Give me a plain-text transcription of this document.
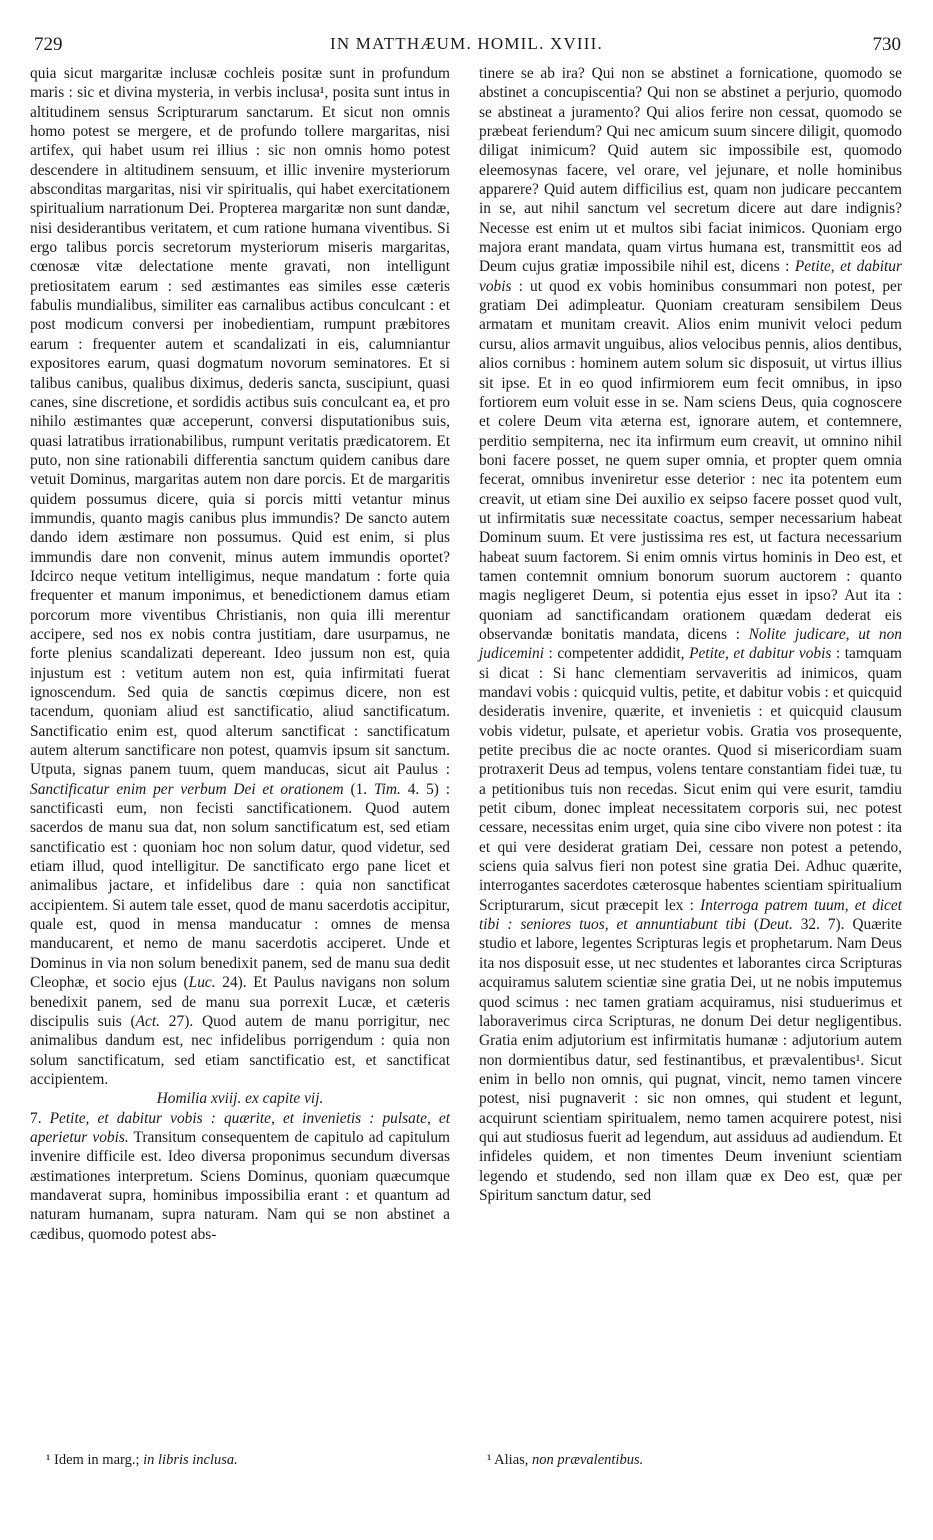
729	IN MATTHÆUM. HOMIL. XVIII.	730

quia sicut margaritæ inclusæ cochleis positæ sunt in profundum maris : sic et divina mysteria, in verbis inclusa¹, posita sunt intus in altitudinem sensus Scripturarum sanctarum. Et sicut non omnis homo potest se mergere, et de profundo tollere margaritas, nisi artifex, qui habet usum rei illius : sic non omnis homo potest descendere in altitudinem sensuum, et illic invenire mysteriorum absconditas margaritas, nisi vir spiritualis, qui habet exercitationem spiritualium narrationum Dei. Propterea margaritæ non sunt dandæ, nisi desiderantibus veritatem, et cum ratione humana viventibus. Si ergo talibus porcis secretorum mysteriorum miseris margaritas, cœnosæ vitæ delectatione mente gravati, non intelligunt pretiositatem earum : sed æstimantes eas similes esse cæteris fabulis mundialibus, similiter eas carnalibus actibus conculcant : et post modicum conversi per inobedientiam, rumpunt præbitores earum : frequenter autem et scandalizati in eis, calumniantur expositores earum, quasi dogmatum novorum seminatores. Et si talibus canibus, qualibus diximus, dederis sancta, suscipiunt, quasi canes, sine discretione, et sordidis actibus suis conculcant ea, et pro nihilo æstimantes quæ acceperunt, conversi disputationibus suis, quasi latratibus irrationabilibus, rumpunt veritatis prædicatorem. Et puto, non sine rationabili differentia sanctum quidem canibus dare vetuit Dominus, margaritas autem non dare porcis. Et de margaritis quidem possumus dicere, quia si porcis mitti vetantur minus immundis, quanto magis canibus plus immundis? De sancto autem dando idem æstimare non possumus. Quid est enim, si plus immundis dare non convenit, minus autem immundis oportet? Idcirco neque vetitum intelligimus, neque mandatum : forte quia frequenter et manum imponimus, et benedictionem damus etiam porcorum more viventibus Christianis, non quia illi merentur accipere, sed nos ex nobis contra justitiam, dare usurpamus, ne forte plenius scandalizati depereant. Ideo jussum non est, quia injustum est : vetitum autem non est, quia infirmitati fuerat ignoscendum. Sed quia de sanctis cœpimus dicere, non est tacendum, quoniam aliud est sanctificatio, aliud sanctificatum. Sanctificatio enim est, quod alterum sanctificat : sanctificatum autem alterum sanctificare non potest, quamvis ipsum sit sanctum. Utputa, signas panem tuum, quem manducas, sicut ait Paulus : Sanctificatur enim per verbum Dei et orationem (1. Tim. 4. 5) : sanctificasti eum, non fecisti sanctificationem. Quod autem sacerdos de manu sua dat, non solum sanctificatum est, sed etiam sanctificatio est : quoniam hoc non solum datur, quod videtur, sed etiam illud, quod intelligitur. De sanctificato ergo pane licet et animalibus jactare, et infidelibus dare : quia non sanctificat accipientem. Si autem tale esset, quod de manu sacerdotis accipitur, quale est, quod in mensa manducatur : omnes de mensa manducarent, et nemo de manu sacerdotis acciperet. Unde et Dominus in via non solum benedixit panem, sed de manu sua dedit Cleophæ, et socio ejus (Luc. 24). Et Paulus navigans non solum benedixit panem, sed de manu sua porrexit Lucæ, et cæteris discipulis suis (Act. 27). Quod autem de manu porrigitur, nec animalibus dandum est, nec infidelibus porrigendum : quia non solum sanctificatum, sed etiam sanctificatio est, et sanctificat accipientem.

Homilia xviij. ex capite vij.

7. Petite, et dabitur vobis : quærite, et invenietis : pulsate, et aperietur vobis. Transitum consequentem de capitulo ad capitulum invenire difficile est. Ideo diversa proponimus secundum diversas æstimationes interpretum. Sciens Dominus, quoniam quæcumque mandaverat supra, hominibus impossibilia erant : et quantum ad naturam humanam, supra naturam. Nam qui se non abstinet a cædibus, quomodo potest abs-

tinere se ab ira? Qui non se abstinet a fornicatione, quomodo se abstinet a concupiscentia? Qui non se abstinet a perjurio, quomodo se abstineat a juramento? Qui alios ferire non cessat, quomodo se præbeat feriendum? Qui nec amicum suum sincere diligit, quomodo diligat inimicum? Quid autem sic impossibile est, quomodo eleemosynas facere, vel orare, vel jejunare, et nolle hominibus apparere? Quid autem difficilius est, quam non judicare peccantem in se, aut nihil sanctum vel secretum dicere aut dare indignis? Necesse est enim ut et multos sibi faciat inimicos. Quoniam ergo majora erant mandata, quam virtus humana est, transmittit eos ad Deum cujus gratiæ impossibile nihil est, dicens : Petite, et dabitur vobis : ut quod ex vobis hominibus consummari non potest, per gratiam Dei adimpleatur. Quoniam creaturam sensibilem Deus armatam et munitam creavit. Alios enim munivit veloci pedum cursu, alios armavit unguibus, alios velocibus pennis, alios dentibus, alios cornibus : hominem autem solum sic disposuit, ut virtus illius sit ipse. Et in eo quod infirmiorem eum fecit omnibus, in ipso fortiorem eum voluit esse in se. Nam sciens Deus, quia cognoscere et colere Deum vita æterna est, ignorare autem, et contemnere, perditio sempiterna, nec ita infirmum eum creavit, ut omnino nihil boni facere posset, ne quem super omnia, et propter quem omnia fecerat, omnibus inveniretur esse deterior : nec ita potentem eum creavit, ut etiam sine Dei auxilio ex seipso facere posset quod vult, ut infirmitatis suæ necessitate coactus, semper necessarium habeat Dominum suum. Et vere justissima res est, ut factura necessarium habeat suum factorem. Si enim omnis virtus hominis in Deo est, et tamen contemnit omnium bonorum suorum auctorem : quanto magis negligeret Deum, si potentia ejus esset in ipso? Aut ita : quoniam ad sanctificandam orationem quædam dederat eis observandæ bonitatis mandata, dicens : Nolite judicare, ut non judicemini : competenter addidit, Petite, et dabitur vobis : tamquam si dicat : Si hanc clementiam servaveritis ad inimicos, quam mandavi vobis : quicquid vultis, petite, et dabitur vobis : et quicquid desideratis invenire, quærite, et invenietis : et quicquid clausum vobis videtur, pulsate, et aperietur vobis. Gratia vos prosequente, petite precibus die ac nocte orantes. Quod si misericordiam suam protraxerit Deus ad tempus, volens tentare constantiam fidei tuæ, tu a petitionibus tuis non recedas. Sicut enim qui vere esurit, tamdiu petit cibum, donec impleat necessitatem corporis sui, nec potest cessare, necessitas enim urget, quia sine cibo vivere non potest : ita et qui vere desiderat gratiam Dei, cessare non potest a petendo, sciens quia salvus fieri non potest sine gratia Dei. Adhuc quærite, interrogantes sacerdotes cæterosque habentes scientiam spiritualium Scripturarum, sicut præcepit lex : Interroga patrem tuum, et dicet tibi : seniores tuos, et annuntiabunt tibi (Deut. 32. 7). Quærite studio et labore, legentes Scripturas legis et prophetarum. Nam Deus ita nos disposuit esse, ut nec studentes et laborantes circa Scripturas acquiramus salutem scientiæ sine gratia Dei, ut ne nobis imputemus quod scimus : nec tamen gratiam acquiramus, nisi studuerimus et laboraverimus circa Scripturas, ne donum Dei detur negligentibus. Gratia enim adjutorium est infirmitatis humanæ : adjutorium autem non dormientibus datur, sed festinantibus, et prævalentibus¹. Sicut enim in bello non omnis, qui pugnat, vincit, nemo tamen vincere potest, nisi pugnaverit : sic non omnes, qui student et legunt, acquirunt scientiam spiritualem, nemo tamen acquirere potest, nisi qui aut studiosus fuerit ad legendum, aut assiduus ad audiendum. Et infideles quidem, et non timentes Deum inveniunt scientiam legendo et studendo, sed non illam quæ ex Deo est, quæ per Spiritum sanctum datur, sed

¹ Idem in marg.; in libris inclusa.	¹ Alias, non prævalentibus.
